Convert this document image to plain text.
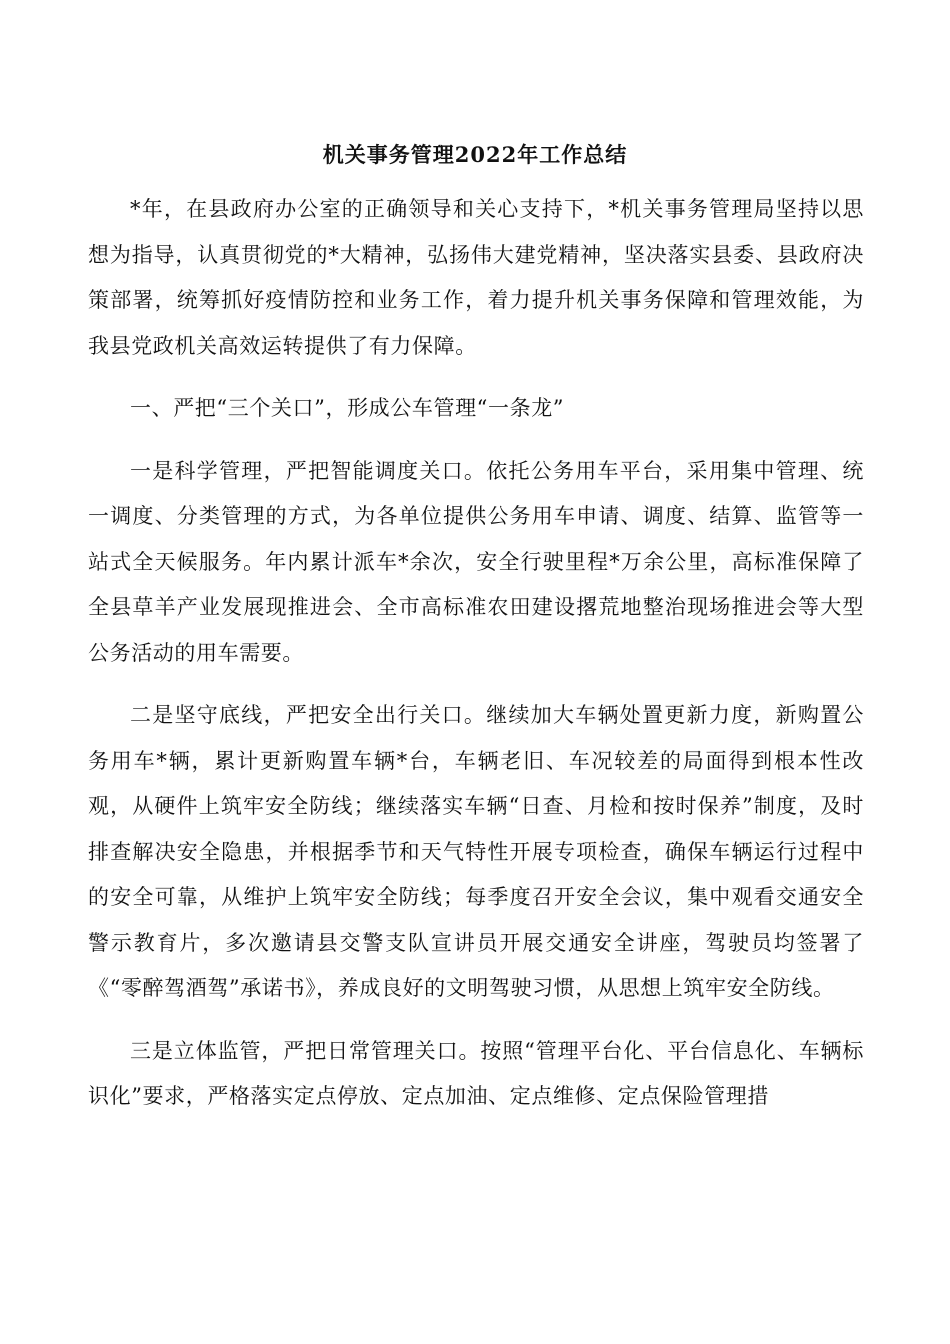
机关事务管理2022年工作总结

*年，在县政府办公室的正确领导和关心支持下，*机关事务管理局坚持以思想为指导，认真贯彻党的*大精神，弘扬伟大建党精神，坚决落实县委、县政府决策部署，统筹抓好疫情防控和业务工作，着力提升机关事务保障和管理效能，为我县党政机关高效运转提供了有力保障。

一、严把“三个关口”，形成公车管理“一条龙”

一是科学管理，严把智能调度关口。依托公务用车平台，采用集中管理、统一调度、分类管理的方式，为各单位提供公务用车申请、调度、结算、监管等一站式全天候服务。年内累计派车*余次，安全行驶里程*万余公里，高标准保障了全县草羊产业发展现推进会、全市高标准农田建设撂荒地整治现场推进会等大型公务活动的用车需要。

二是坚守底线，严把安全出行关口。继续加大车辆处置更新力度，新购置公务用车*辆，累计更新购置车辆*台，车辆老旧、车况较差的局面得到根本性改观，从硬件上筑牢安全防线；继续落实车辆“日查、月检和按时保养”制度，及时排查解决安全隐患，并根据季节和天气特性开展专项检查，确保车辆运行过程中的安全可靠，从维护上筑牢安全防线；每季度召开安全会议，集中观看交通安全警示教育片，多次邀请县交警支队宣讲员开展交通安全讲座，驾驶员均签署了《“零醉驾酒驾”承诺书》，养成良好的文明驾驶习惯，从思想上筑牢安全防线。

三是立体监管，严把日常管理关口。按照“管理平台化、平台信息化、车辆标识化”要求，严格落实定点停放、定点加油、定点维修、定点保险管理措
